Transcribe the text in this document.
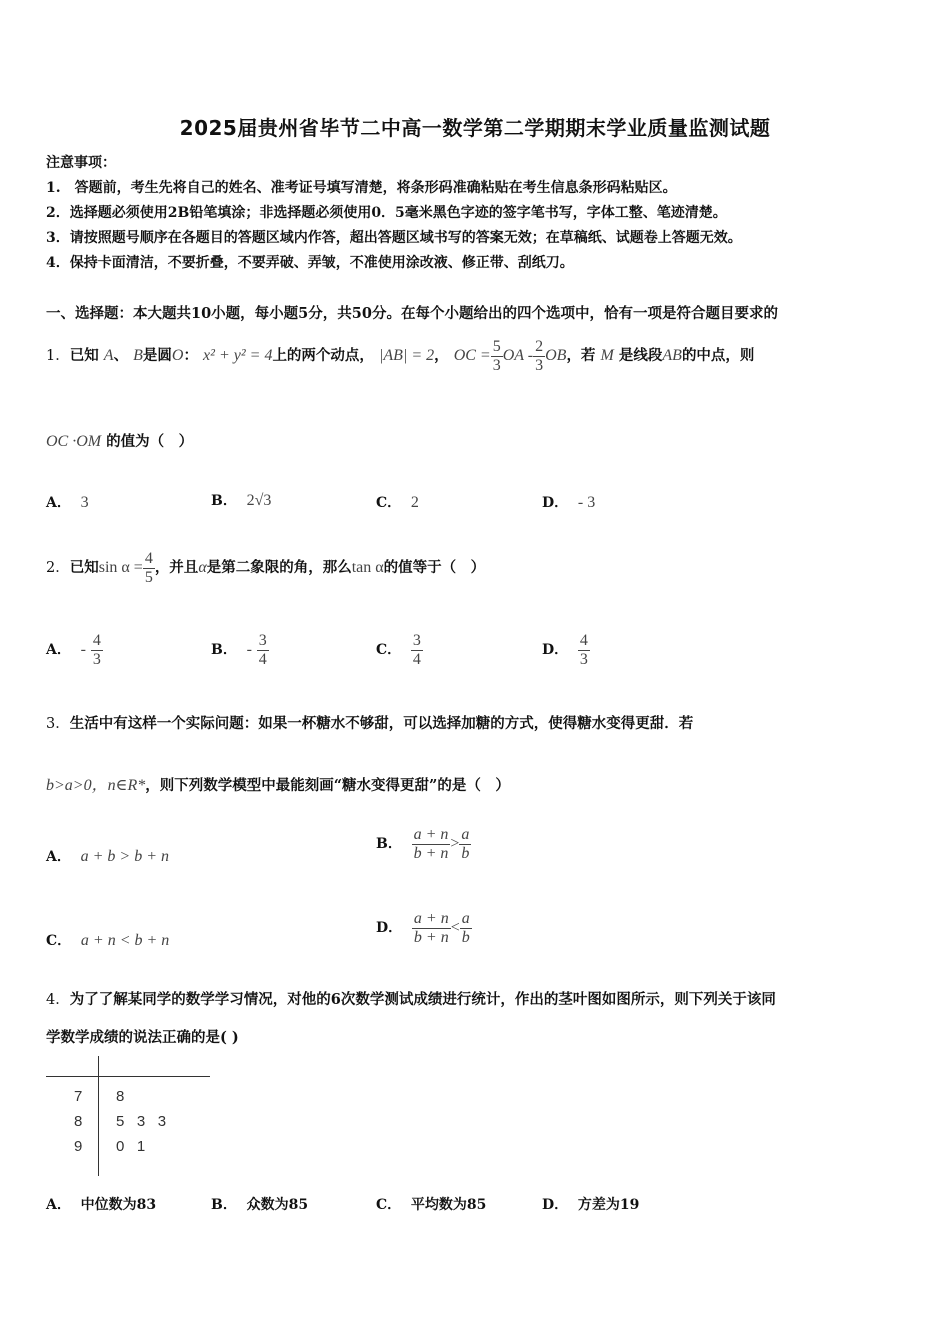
2025届贵州省毕节二中高一数学第二学期期末学业质量监测试题
注意事项：
1.　答题前，考生先将自己的姓名、准考证号填写清楚，将条形码准确粘贴在考生信息条形码粘贴区。
2．选择题必须使用2B铅笔填涂；非选择题必须使用0．5毫米黑色字迹的签字笔书写，字体工整、笔迹清楚。
3．请按照题号顺序在各题目的答题区域内作答，超出答题区域书写的答案无效；在草稿纸、试题卷上答题无效。
4．保持卡面清洁，不要折叠，不要弄破、弄皱，不准使用涂改液、修正带、刮纸刀。
一、选择题：本大题共10小题，每小题5分，共50分。在每个小题给出的四个选项中，恰有一项是符合题目要求的
1．已知 A、 B是圆O： x² + y² = 4上的两个动点， |AB| = 2， OC = $\frac{5}{3}$ OA - $\frac{2}{3}$ OB，若 M 是线段AB的中点，则
OC ·OM 的值为（　）
A． 3	B． 2√3	C． 2	D． - 3
2．已知$\sin \alpha = \frac{4}{5}$ ，并且α是第二象限的角，那么tan α的值等于（　）
A． - $\frac{4}{3}$	B． - $\frac{3}{4}$	C． $\frac{3}{4}$	D． $\frac{4}{3}$
3．生活中有这样一个实际问题：如果一杯糖水不够甜，可以选择加糖的方式，使得糖水变得更甜．若
b>a>0，n∈R*，则下列数学模型中最能刻画“糖水变得更甜”的是（　）
A． a + b > b + n
B． $\frac{a + n}{b + n} > \frac{a}{b}$
C． a + n < b + n
D． $\frac{a + n}{b + n} < \frac{a}{b}$
4．为了了解某同学的数学学习情况，对他的6次数学测试成绩进行统计，作出的茎叶图如图所示，则下列关于该同
学数学成绩的说法正确的是( )
7 8
8 5   3   3
9 0   1
A． 中位数为83	B． 众数为85	C． 平均数为85	D． 方差为19
